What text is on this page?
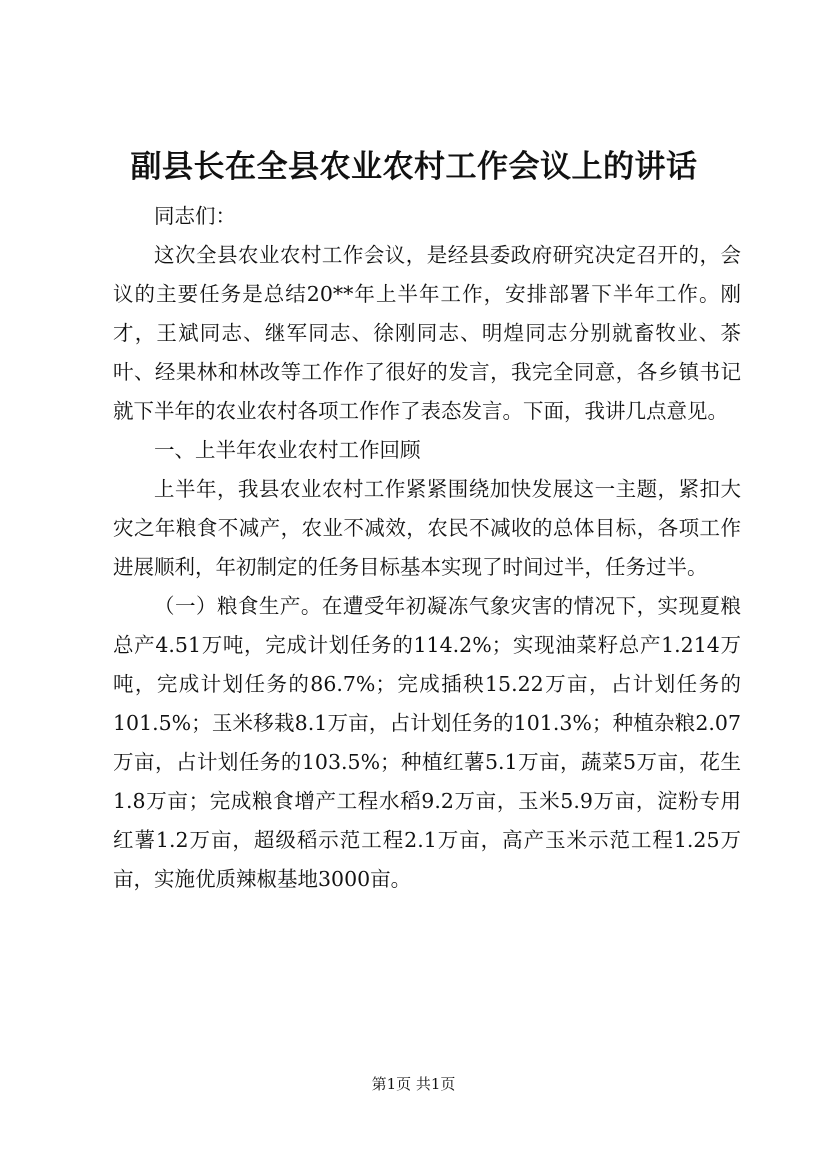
副县长在全县农业农村工作会议上的讲话

同志们：

这次全县农业农村工作会议，是经县委政府研究决定召开的，会议的主要任务是总结20**年上半年工作，安排部署下半年工作。刚才，王斌同志、继军同志、徐刚同志、明煌同志分别就畜牧业、茶叶、经果林和林改等工作作了很好的发言，我完全同意，各乡镇书记就下半年的农业农村各项工作作了表态发言。下面，我讲几点意见。

一、上半年农业农村工作回顾

上半年，我县农业农村工作紧紧围绕加快发展这一主题，紧扣大灾之年粮食不减产，农业不减效，农民不减收的总体目标，各项工作进展顺利，年初制定的任务目标基本实现了时间过半，任务过半。

（一）粮食生产。在遭受年初凝冻气象灾害的情况下，实现夏粮总产4.51万吨，完成计划任务的114.2%；实现油菜籽总产1.214万吨，完成计划任务的86.7%；完成插秧15.22万亩，占计划任务的101.5%；玉米移栽8.1万亩，占计划任务的101.3%；种植杂粮2.07万亩，占计划任务的103.5%；种植红薯5.1万亩，蔬菜5万亩，花生1.8万亩；完成粮食增产工程水稻9.2万亩，玉米5.9万亩，淀粉专用红薯1.2万亩，超级稻示范工程2.1万亩，高产玉米示范工程1.25万亩，实施优质辣椒基地3000亩。

第1页 共1页
